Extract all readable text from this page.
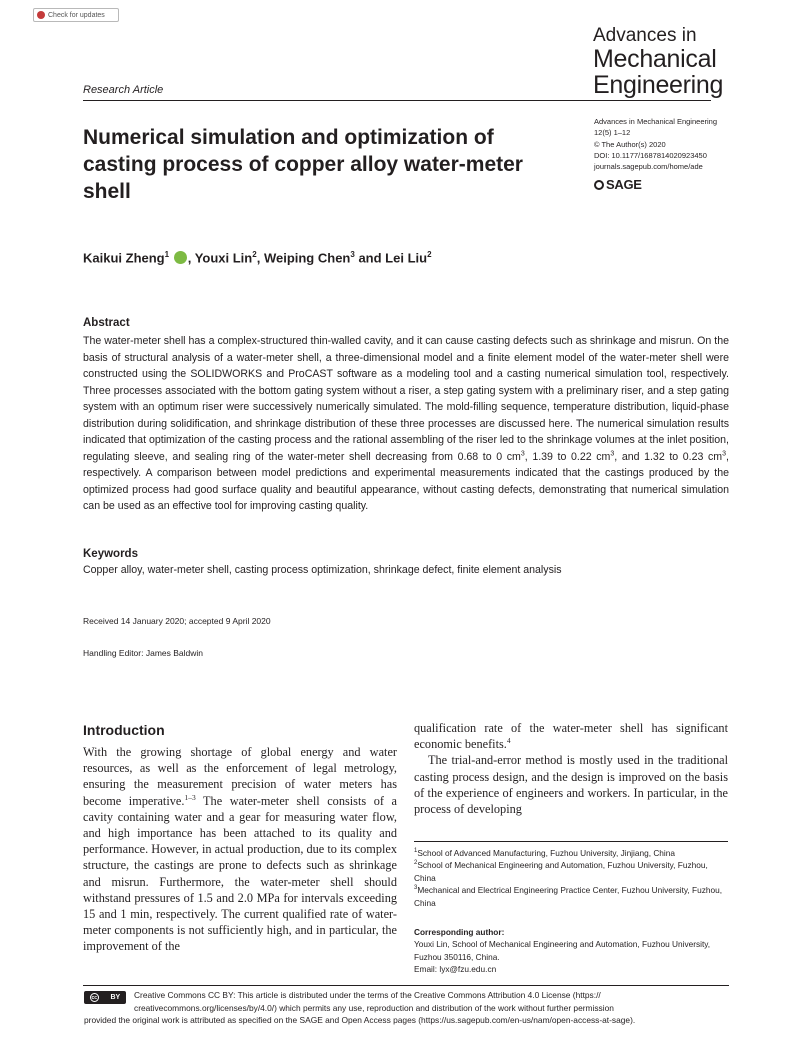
Check for updates
Advances in
Mechanical
Engineering
Research Article
Numerical simulation and optimization of casting process of copper alloy water-meter shell
Advances in Mechanical Engineering
12(5) 1–12
© The Author(s) 2020
DOI: 10.1177/1687814020923450
journals.sagepub.com/home/ade
SAGE
Kaikui Zheng$^1$ , Youxi Lin$^2$, Weiping Chen$^3$ and Lei Liu$^2$
Abstract
The water-meter shell has a complex-structured thin-walled cavity, and it can cause casting defects such as shrinkage and misrun. On the basis of structural analysis of a water-meter shell, a three-dimensional model and a finite element model of the water-meter shell were constructed using the SOLIDWORKS and ProCAST software as a modeling tool and a casting numerical simulation tool, respectively. Three processes associated with the bottom gating system without a riser, a step gating system with a preliminary riser, and a step gating system with an optimum riser were successively numerically simulated. The mold-filling sequence, temperature distribution, liquid-phase distribution during solidification, and shrinkage distribution of these three processes are discussed here. The numerical simulation results indicated that optimization of the casting process and the rational assembling of the riser led to the shrinkage volumes at the inlet position, regulating sleeve, and sealing ring of the water-meter shell decreasing from 0.68 to 0 $cm^3$, 1.39 to 0.22 $cm^3$, and 1.32 to 0.23 $cm^3$, respectively. A comparison between model predictions and experimental measurements indicated that the castings produced by the optimized process had good surface quality and beautiful appearance, without casting defects, demonstrating that numerical simulation can be used as an effective tool for improving casting quality.
Keywords
Copper alloy, water-meter shell, casting process optimization, shrinkage defect, finite element analysis
Received 14 January 2020; accepted 9 April 2020
Handling Editor: James Baldwin
Introduction

With the growing shortage of global energy and water resources, as well as the enforcement of legal metrology, ensuring the measurement precision of water meters has become imperative.$^{1-3}$ The water-meter shell consists of a cavity containing water and a gear for measuring water flow, and high importance has been attached to its quality and performance. However, in actual production, due to its complex structure, the castings are prone to defects such as shrinkage and misrun. Furthermore, the water-meter shell should withstand pressures of 1.5 and 2.0 MPa for intervals exceeding 15 and 1 min, respectively. The current qualified rate of water-meter components is not sufficiently high, and in particular, the improvement of the

qualification rate of the water-meter shell has significant economic benefits.$^4$

The trial-and-error method is mostly used in the traditional casting process design, and the design is improved on the basis of the experience of engineers and workers. In particular, in the process of developing

$^1$School of Advanced Manufacturing, Fuzhou University, Jinjiang, China
$^2$School of Mechanical Engineering and Automation, Fuzhou University, Fuzhou, China
$^3$Mechanical and Electrical Engineering Practice Center, Fuzhou University, Fuzhou, China
Corresponding author:
Youxi Lin, School of Mechanical Engineering and Automation, Fuzhou University, Fuzhou 350116, China.
Email: lyx@fzu.edu.cn
cc BY	Creative Commons CC BY: This article is distributed under the terms of the Creative Commons Attribution 4.0 License (https://
creativecommons.org/licenses/by/4.0/) which permits any use, reproduction and distribution of the work without further permission
provided the original work is attributed as specified on the SAGE and Open Access pages (https://us.sagepub.com/en-us/nam/open-access-at-sage).
